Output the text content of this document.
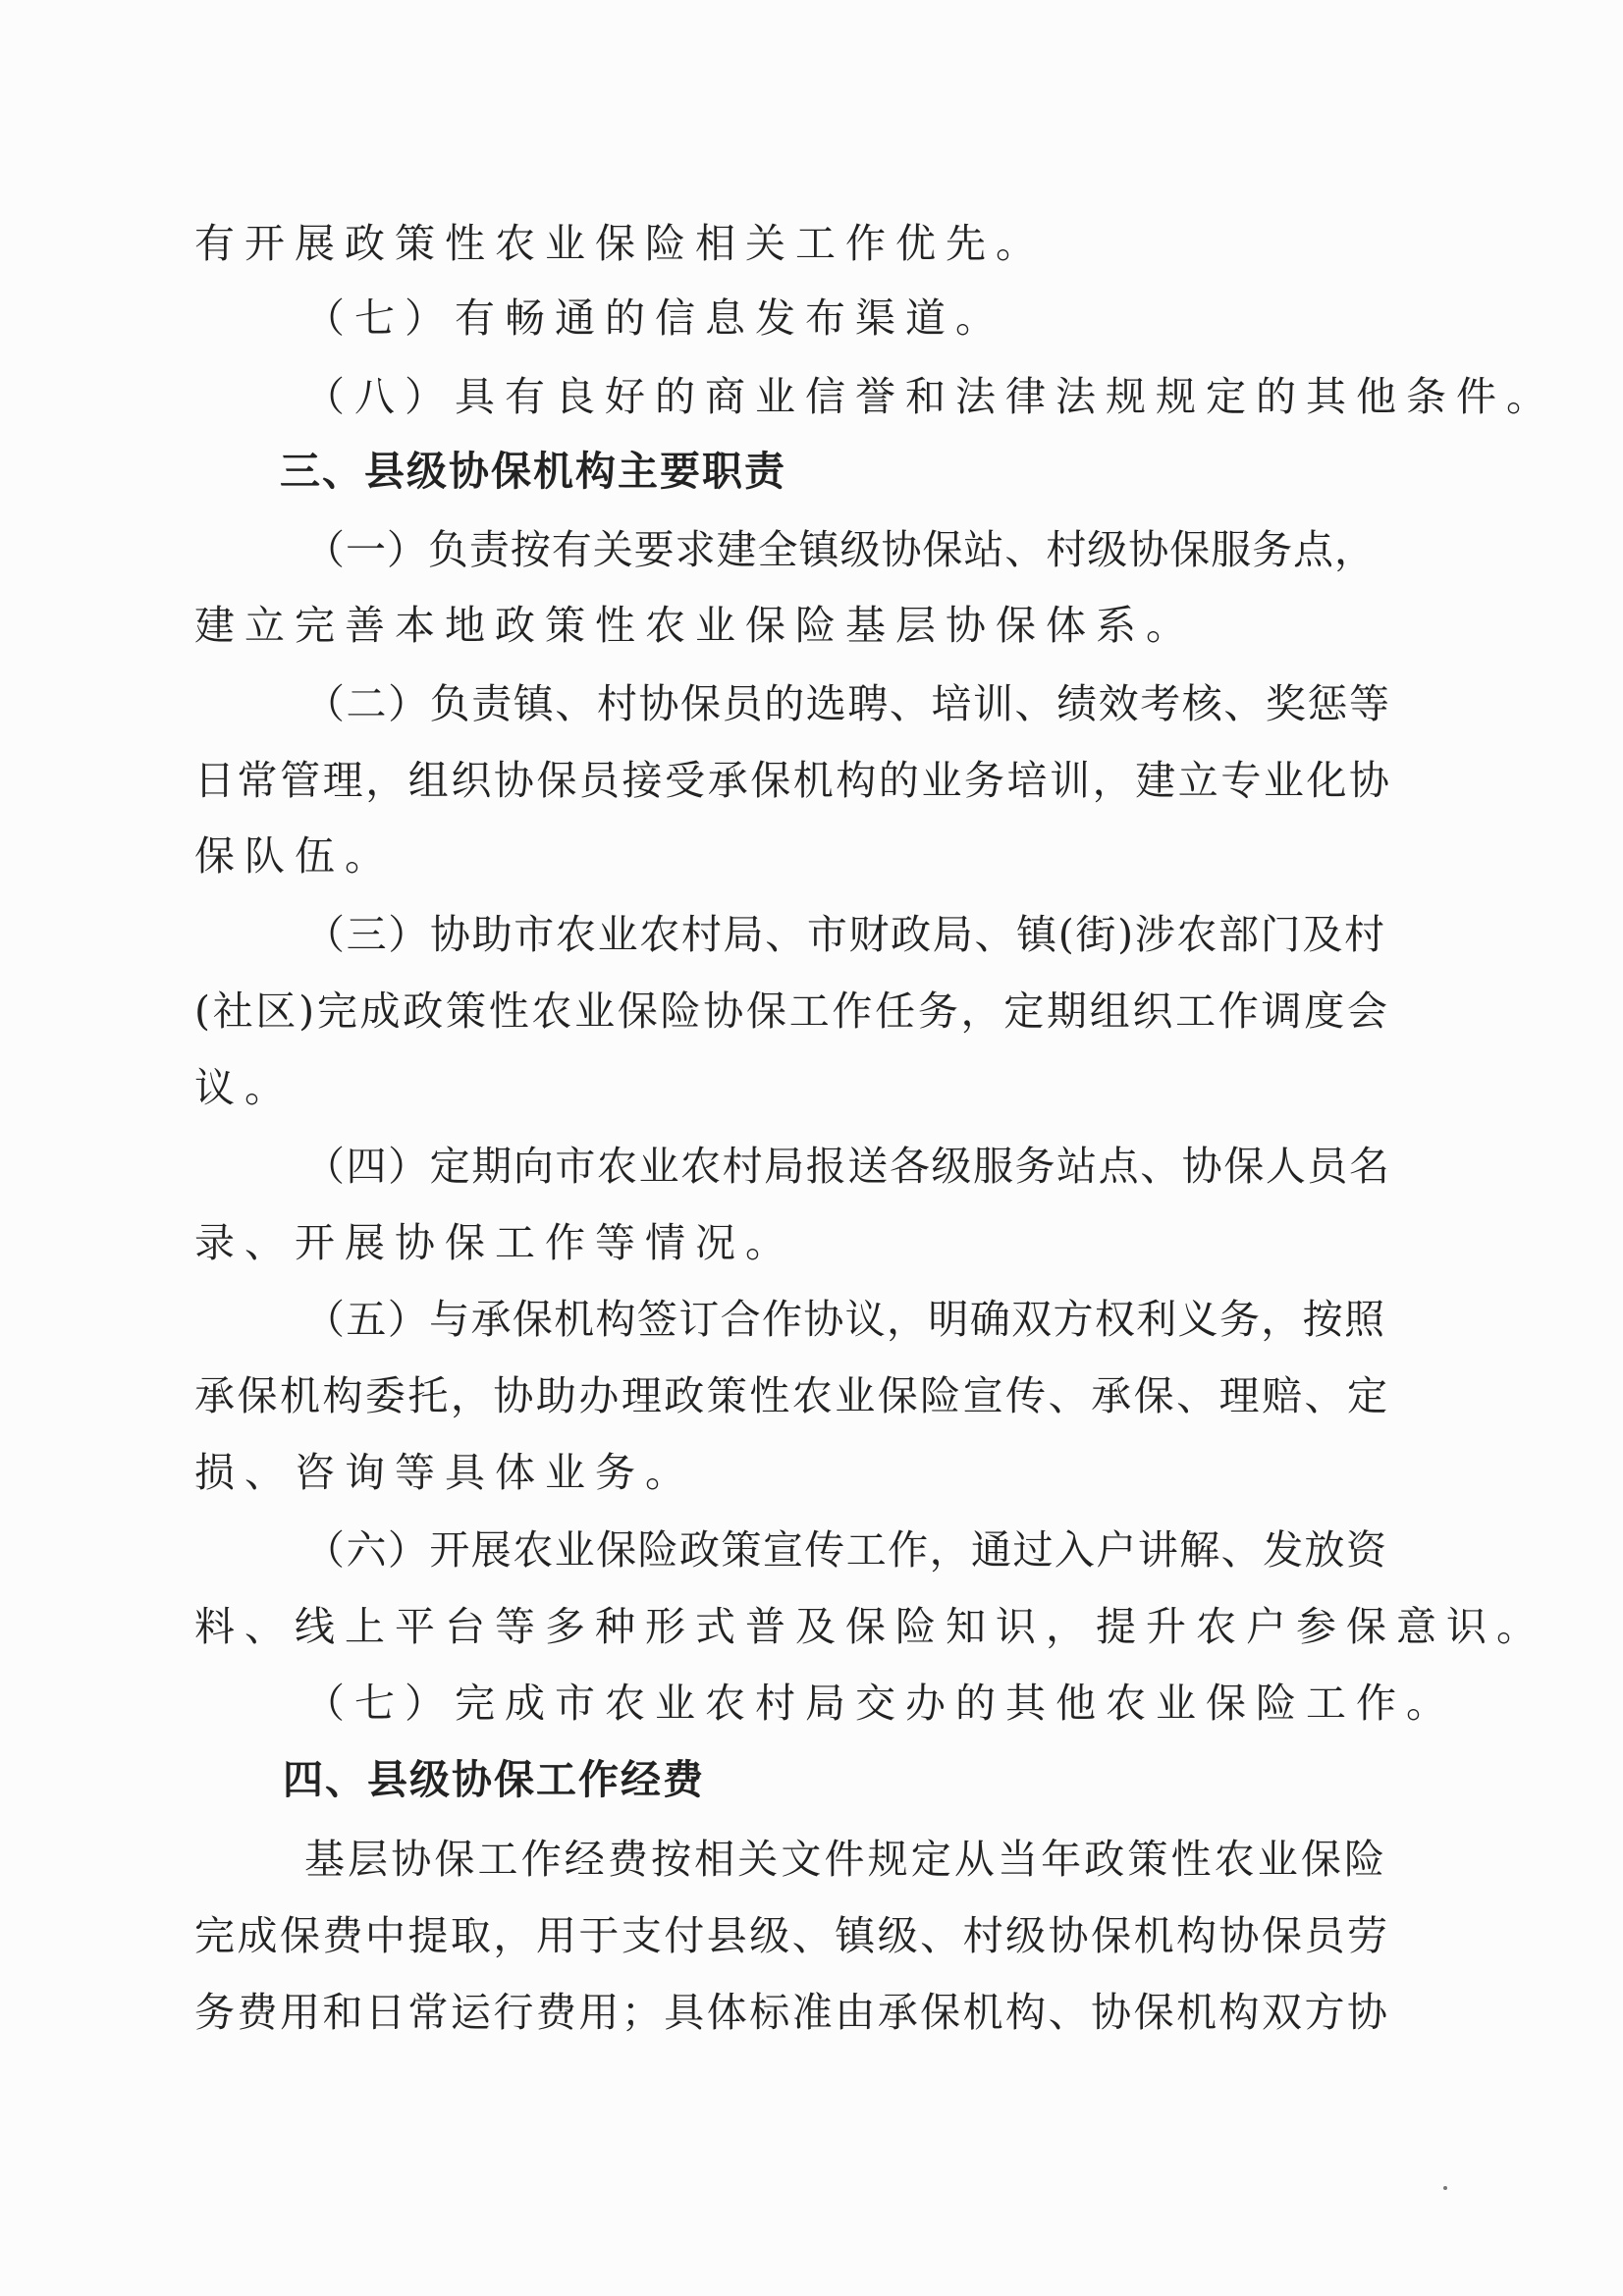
有开展政策性农业保险相关工作优先。
（七）有畅通的信息发布渠道。
（八）具有良好的商业信誉和法律法规规定的其他条件。
三、县级协保机构主要职责
（一）负责按有关要求建全镇级协保站、村级协保服务点，
建立完善本地政策性农业保险基层协保体系。
（二）负责镇、村协保员的选聘、培训、绩效考核、奖惩等
日常管理，组织协保员接受承保机构的业务培训，建立专业化协
保队伍。
（三）协助市农业农村局、市财政局、镇(街)涉农部门及村
(社区)完成政策性农业保险协保工作任务，定期组织工作调度会
议。
（四）定期向市农业农村局报送各级服务站点、协保人员名
录、开展协保工作等情况。
（五）与承保机构签订合作协议，明确双方权利义务，按照
承保机构委托，协助办理政策性农业保险宣传、承保、理赔、定
损、咨询等具体业务。
（六）开展农业保险政策宣传工作，通过入户讲解、发放资
料、线上平台等多种形式普及保险知识，提升农户参保意识。
（七）完成市农业农村局交办的其他农业保险工作。
四、县级协保工作经费
基层协保工作经费按相关文件规定从当年政策性农业保险
完成保费中提取，用于支付县级、镇级、村级协保机构协保员劳
务费用和日常运行费用；具体标准由承保机构、协保机构双方协
